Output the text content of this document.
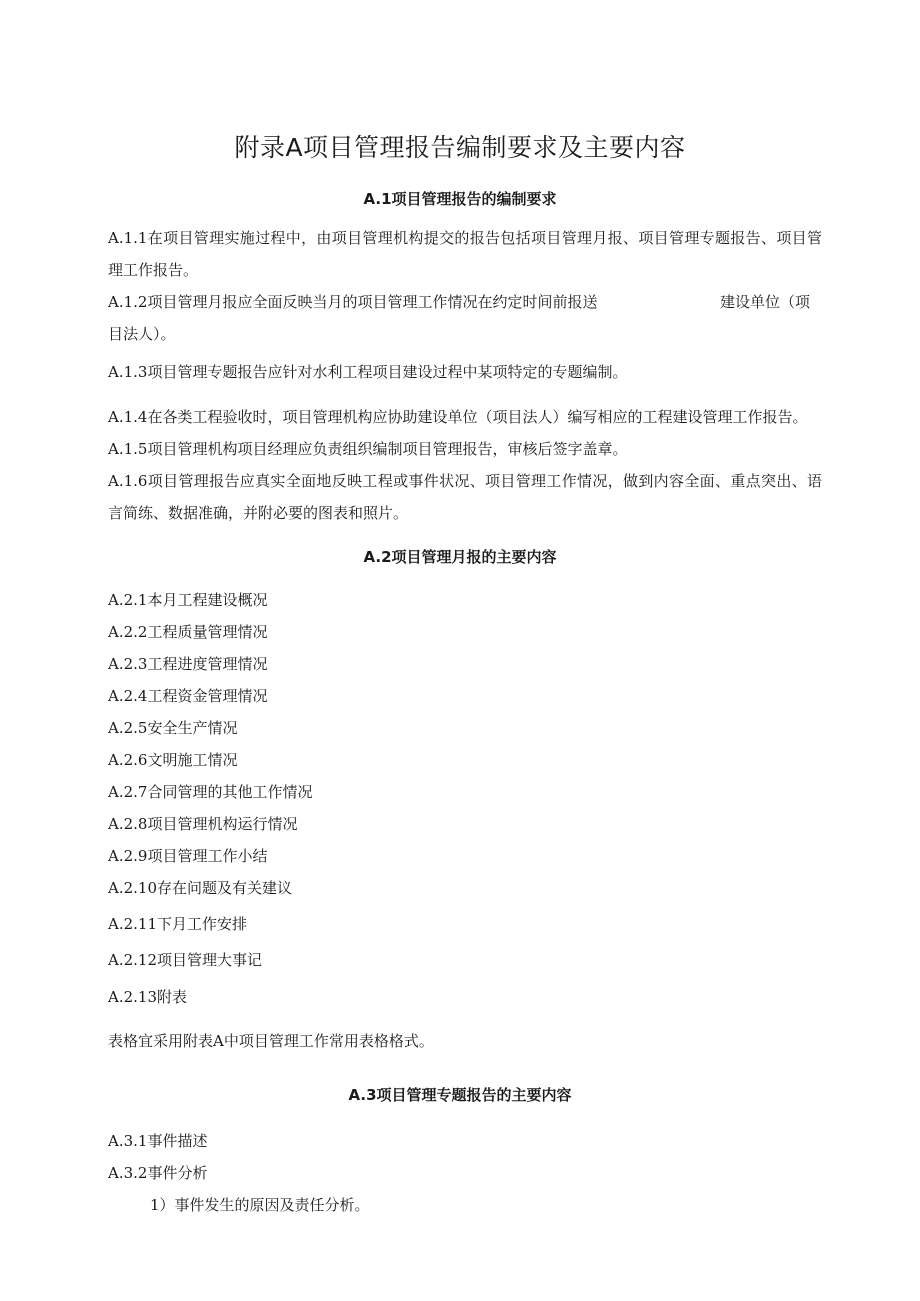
附录A项目管理报告编制要求及主要内容
A.1项目管理报告的编制要求
A.1.1在项目管理实施过程中，由项目管理机构提交的报告包括项目管理月报、项目管理专题报告、项目管
理工作报告。
A.1.2项目管理月报应全面反映当月的项目管理工作情况在约定时间前报送	建设单位（项
目法人）。
A.1.3项目管理专题报告应针对水利工程项目建设过程中某项特定的专题编制。
A.1.4在各类工程验收时，项目管理机构应协助建设单位（项目法人）编写相应的工程建设管理工作报告。
A.1.5项目管理机构项目经理应负责组织编制项目管理报告，审核后签字盖章。
A.1.6项目管理报告应真实全面地反映工程或事件状况、项目管理工作情况，做到内容全面、重点突出、语
言简练、数据准确，并附必要的图表和照片。
A.2项目管理月报的主要内容
A.2.1本月工程建设概况
A.2.2工程质量管理情况
A.2.3工程进度管理情况
A.2.4工程资金管理情况
A.2.5安全生产情况
A.2.6文明施工情况
A.2.7合同管理的其他工作情况
A.2.8项目管理机构运行情况
A.2.9项目管理工作小结
A.2.10存在问题及有关建议
A.2.11下月工作安排
A.2.12项目管理大事记
A.2.13附表
表格宜采用附表A中项目管理工作常用表格格式。
A.3项目管理专题报告的主要内容
A.3.1事件描述
A.3.2事件分析
1）事件发生的原因及责任分析。
